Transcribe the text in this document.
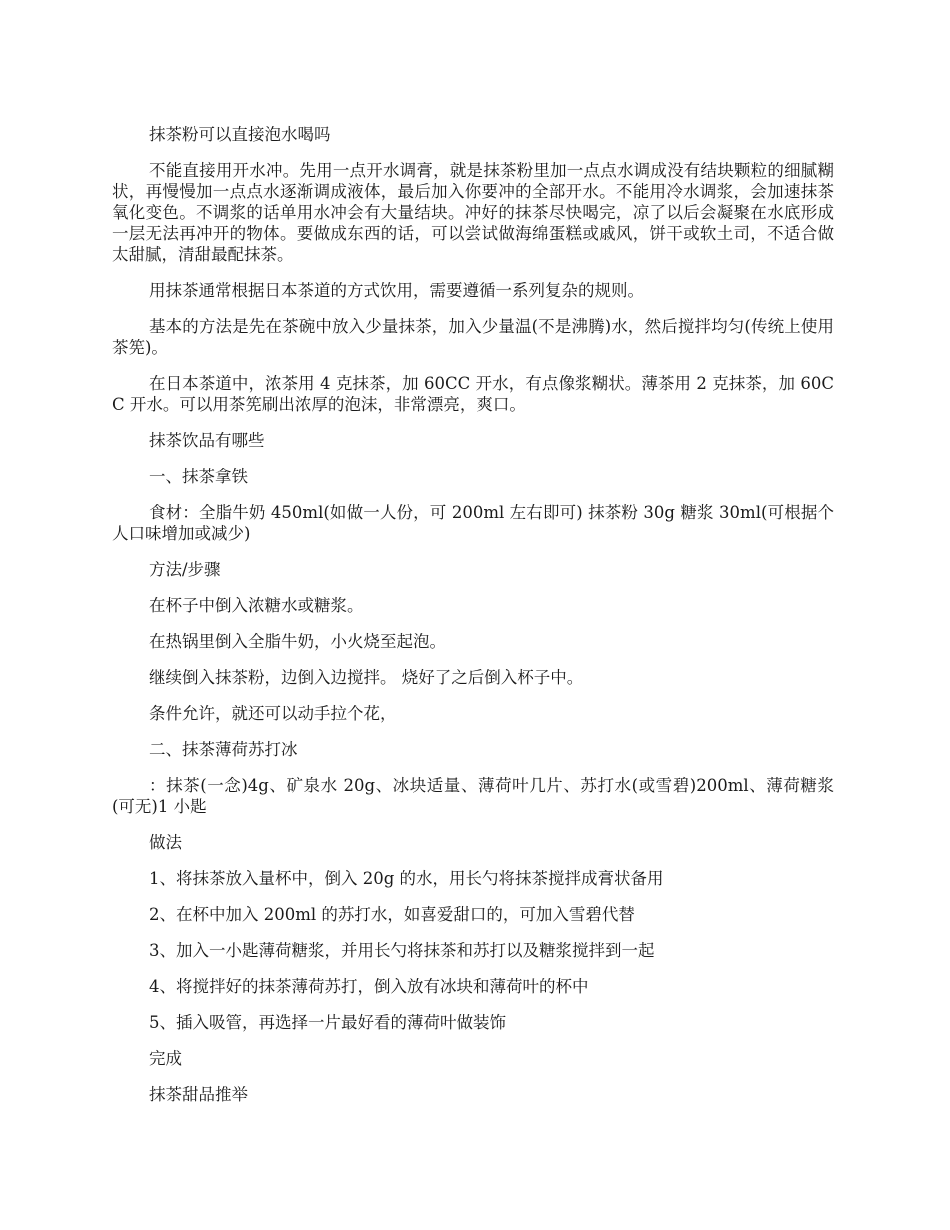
抹茶粉可以直接泡水喝吗

不能直接用开水冲。先用一点开水调膏，就是抹茶粉里加一点点水调成没有结块颗粒的细腻糊状，再慢慢加一点点水逐渐调成液体，最后加入你要冲的全部开水。不能用冷水调浆，会加速抹茶氧化变色。不调浆的话单用水冲会有大量结块。冲好的抹茶尽快喝完，凉了以后会凝聚在水底形成一层无法再冲开的物体。要做成东西的话，可以尝试做海绵蛋糕或戚风，饼干或软土司，不适合做太甜腻，清甜最配抹茶。

用抹茶通常根据日本茶道的方式饮用，需要遵循一系列复杂的规则。

基本的方法是先在茶碗中放入少量抹茶，加入少量温(不是沸腾)水，然后搅拌均匀(传统上使用茶筅)。

在日本茶道中，浓茶用 4 克抹茶，加 60CC 开水，有点像浆糊状。薄茶用 2 克抹茶，加 60CC 开水。可以用茶筅刷出浓厚的泡沫，非常漂亮，爽口。

抹茶饮品有哪些

一、抹茶拿铁

食材：全脂牛奶 450ml(如做一人份，可 200ml 左右即可) 抹茶粉 30g 糖浆 30ml(可根据个人口味增加或减少)

方法/步骤

在杯子中倒入浓糖水或糖浆。

在热锅里倒入全脂牛奶，小火烧至起泡。

继续倒入抹茶粉，边倒入边搅拌。 烧好了之后倒入杯子中。

条件允许，就还可以动手拉个花，

二、抹茶薄荷苏打冰

：抹茶(一念)4g、矿泉水 20g、冰块适量、薄荷叶几片、苏打水(或雪碧)200ml、薄荷糖浆(可无)1 小匙

做法

1、将抹茶放入量杯中，倒入 20g 的水，用长勺将抹茶搅拌成膏状备用

2、在杯中加入 200ml 的苏打水，如喜爱甜口的，可加入雪碧代替

3、加入一小匙薄荷糖浆，并用长勺将抹茶和苏打以及糖浆搅拌到一起

4、将搅拌好的抹茶薄荷苏打，倒入放有冰块和薄荷叶的杯中

5、插入吸管，再选择一片最好看的薄荷叶做装饰

完成

抹茶甜品推举
